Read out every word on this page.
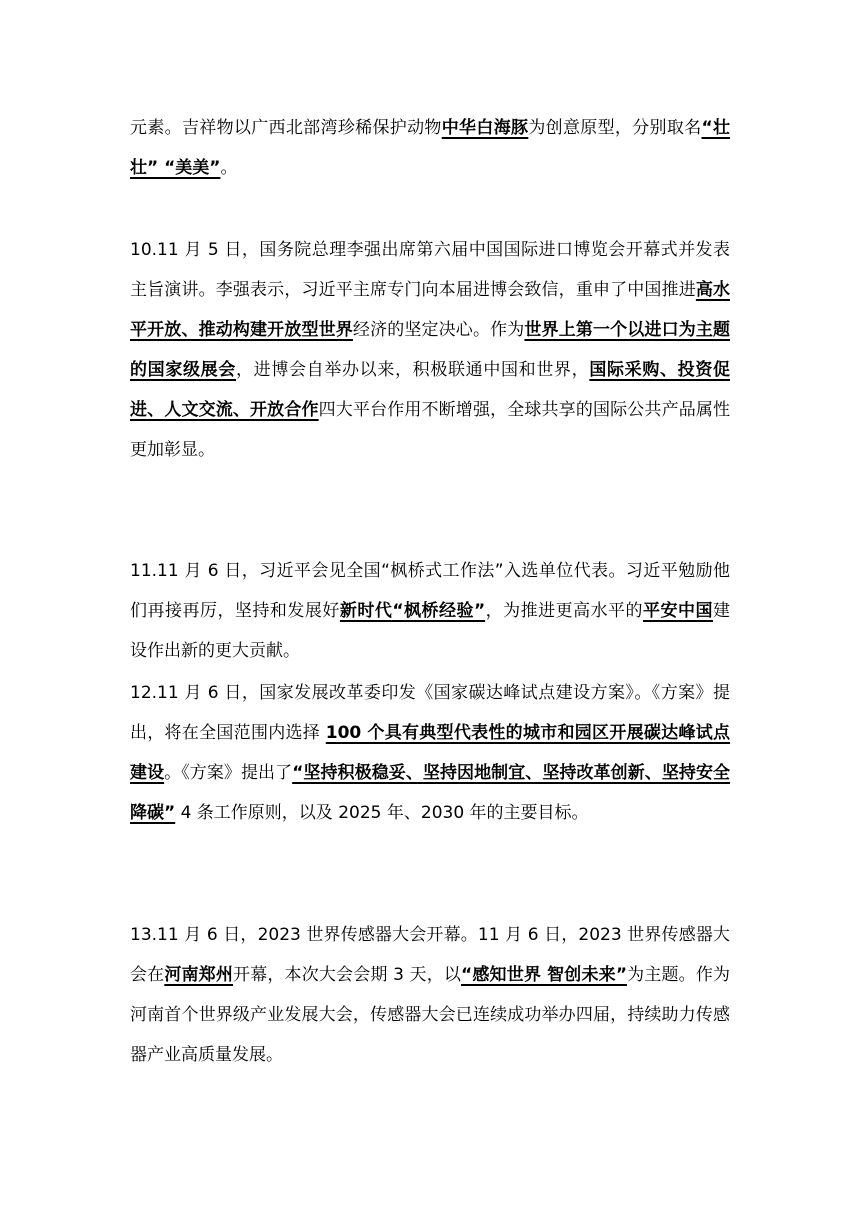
元素。吉祥物以广西北部湾珍稀保护动物中华白海豚为创意原型，分别取名“壮壮” “美美”。

10.11 月 5 日，国务院总理李强出席第六届中国国际进口博览会开幕式并发表主旨演讲。李强表示，习近平主席专门向本届进博会致信，重申了中国推进高水平开放、推动构建开放型世界经济的坚定决心。作为世界上第一个以进口为主题的国家级展会，进博会自举办以来，积极联通中国和世界，国际采购、投资促进、人文交流、开放合作四大平台作用不断增强，全球共享的国际公共产品属性更加彰显。

11.11 月 6 日，习近平会见全国“枫桥式工作法”入选单位代表。习近平勉励他们再接再厉，坚持和发展好新时代“枫桥经验”，为推进更高水平的平安中国建设作出新的更大贡献。

12.11 月 6 日，国家发展改革委印发《国家碳达峰试点建设方案》。《方案》提出，将在全国范围内选择 100 个具有典型代表性的城市和园区开展碳达峰试点建设。《方案》提出了“坚持积极稳妥、坚持因地制宜、坚持改革创新、坚持安全降碳” 4 条工作原则，以及 2025 年、2030 年的主要目标。

13.11 月 6 日，2023 世界传感器大会开幕。11 月 6 日，2023 世界传感器大会在河南郑州开幕，本次大会会期 3 天，以“感知世界 智创未来”为主题。作为河南首个世界级产业发展大会，传感器大会已连续成功举办四届，持续助力传感器产业高质量发展。
